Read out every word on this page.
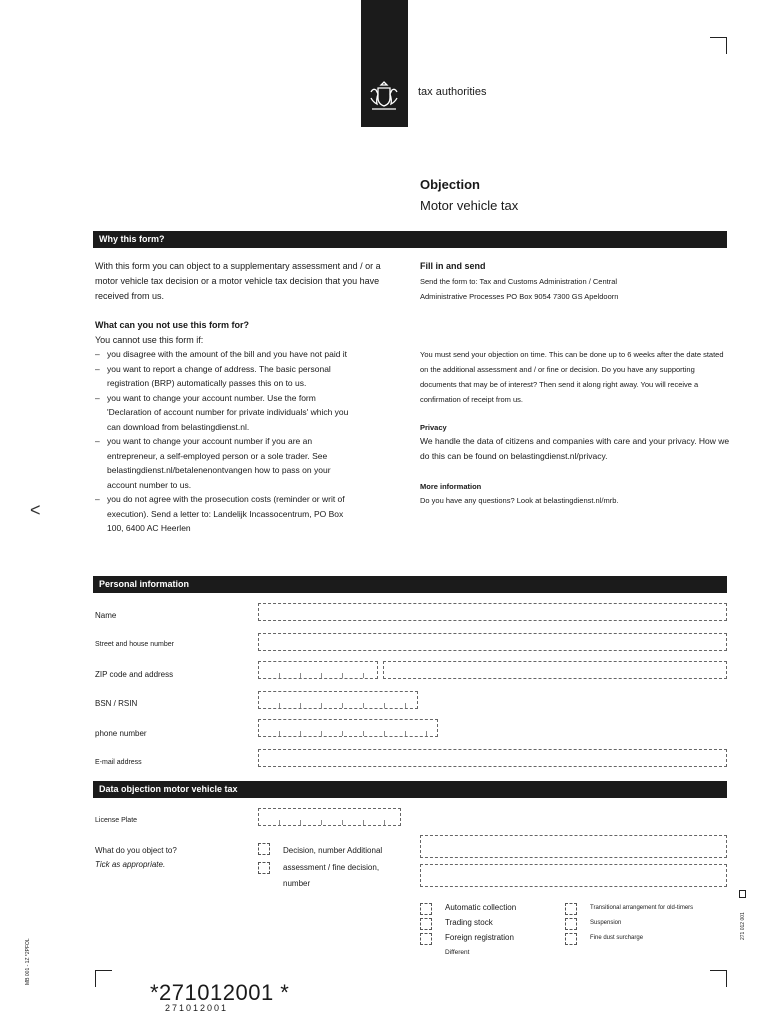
<
tax authorities
Objection
Motor vehicle tax
Why this form?
With this form you can object to a supplementary assessment and / or a motor vehicle tax decision or a motor vehicle tax decision that you have received from us.
What can you not use this form for?
You cannot use this form if:
– you disagree with the amount of the bill and you have not paid it
– you want to report a change of address. The basic personal registration (BRP) automatically passes this on to us.
– you want to change your account number. Use the form 'Declaration of account number for private individuals' which you can download from belastingdienst.nl.
– you want to change your account number if you are an entrepreneur, a self-employed person or a sole trader. See belastingdienst.nl/betalenenontvangen how to pass on your account number to us.
– you do not agree with the prosecution costs (reminder or writ of execution). Send a letter to: Landelijk Incassocentrum, PO Box 100, 6400 AC Heerlen
Fill in and send
Send the form to: Tax and Customs Administration / Central Administrative Processes PO Box 9054 7300 GS Apeldoorn
You must send your objection on time. This can be done up to 6 weeks after the date stated on the additional assessment and / or fine or decision. Do you have any supporting documents that may be of interest? Then send it along right away. You will receive a confirmation of receipt from us.
Privacy
We handle the data of citizens and companies with care and your privacy. How we do this can be found on belastingdienst.nl/privacy.
More information
Do you have any questions? Look at belastingdienst.nl/mrb.
Personal information
Name
Street and house number
ZIP code and address
BSN / RSIN
phone number
E-mail address
Data objection motor vehicle tax
License Plate
What do you object to?
Tick as appropriate.
Decision, number Additional assessment / fine decision, number
Automatic collection
Trading stock
Foreign registration
Different
Transitional arrangement for old-timers
Suspension
Fine dust surcharge	271 012 001
MB 001 - 1Z *2PFOL
*271012001 *
271012001
